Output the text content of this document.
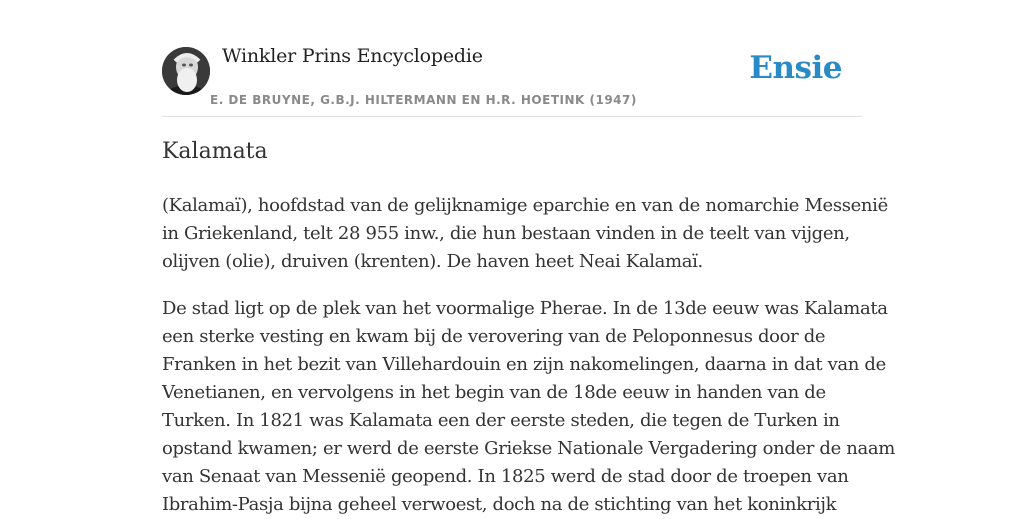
Winkler Prins Encyclopedie
E. DE BRUYNE, G.B.J. HILTERMANN EN H.R. HOETINK (1947)
Ensie
Kalamata

(Kalamaï), hoofdstad van de gelijknamige eparchie en van de nomarchie Messenië
in Griekenland, telt 28 955 inw., die hun bestaan vinden in de teelt van vijgen,
olijven (olie), druiven (krenten). De haven heet Neai Kalamaï.

De stad ligt op de plek van het voormalige Pherae. In de 13de eeuw was Kalamata
een sterke vesting en kwam bij de verovering van de Peloponnesus door de
Franken in het bezit van Villehardouin en zijn nakomelingen, daarna in dat van de
Venetianen, en vervolgens in het begin van de 18de eeuw in handen van de
Turken. In 1821 was Kalamata een der eerste steden, die tegen de Turken in
opstand kwamen; er werd de eerste Griekse Nationale Vergadering onder de naam
van Senaat van Messenië geopend. In 1825 werd de stad door de troepen van
Ibrahim-Pasja bijna geheel verwoest, doch na de stichting van het koninkrijk
